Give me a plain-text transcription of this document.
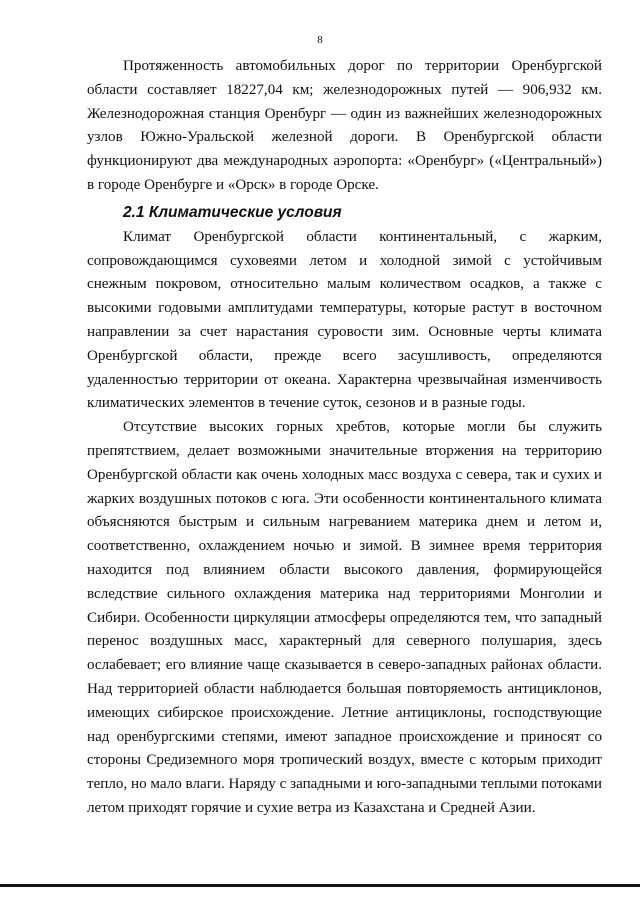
8

Протяженность автомобильных дорог по территории Оренбургской области составляет 18227,04 км; железнодорожных путей — 906,932 км. Железнодорожная станция Оренбург — один из важнейших железнодорожных узлов Южно-Уральской железной дороги. В Оренбургской области функционируют два международных аэропорта: «Оренбург» («Центральный») в городе Оренбурге и «Орск» в городе Орске.

2.1 Климатические условия

Климат Оренбургской области континентальный, с жарким, сопровождающимся суховеями летом и холодной зимой с устойчивым снежным покровом, относительно малым количеством осадков, а также с высокими годовыми амплитудами температуры, которые растут в восточном направлении за счет нарастания суровости зим. Основные черты климата Оренбургской области, прежде всего засушливость, определяются удаленностью территории от океана. Характерна чрезвычайная изменчивость климатических элементов в течение суток, сезонов и в разные годы.

Отсутствие высоких горных хребтов, которые могли бы служить препятствием, делает возможными значительные вторжения на территорию Оренбургской области как очень холодных масс воздуха с севера, так и сухих и жарких воздушных потоков с юга. Эти особенности континентального климата объясняются быстрым и сильным нагреванием материка днем и летом и, соответственно, охлаждением ночью и зимой. В зимнее время территория находится под влиянием области высокого давления, формирующейся вследствие сильного охлаждения материка над территориями Монголии и Сибири. Особенности циркуляции атмосферы определяются тем, что западный перенос воздушных масс, характерный для северного полушария, здесь ослабевает; его влияние чаще сказывается в северо-западных районах области. Над территорией области наблюдается большая повторяемость антициклонов, имеющих сибирское происхождение. Летние антициклоны, господствующие над оренбургскими степями, имеют западное происхождение и приносят со стороны Средиземного моря тропический воздух, вместе с которым приходит тепло, но мало влаги. Наряду с западными и юго-западными теплыми потоками летом приходят горячие и сухие ветра из Казахстана и Средней Азии.
